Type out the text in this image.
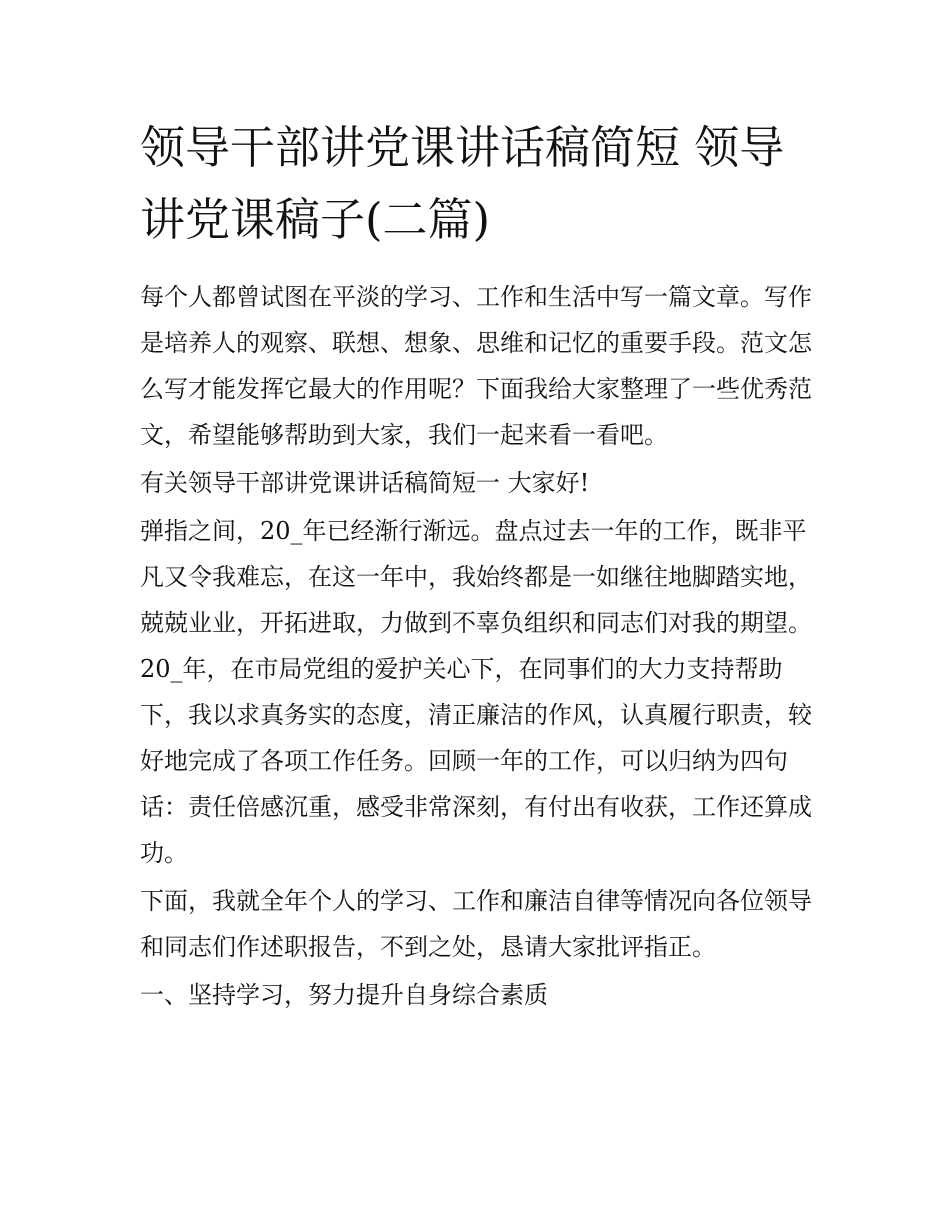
领导干部讲党课讲话稿简短 领导讲党课稿子(二篇)

每个人都曾试图在平淡的学习、工作和生活中写一篇文章。写作是培养人的观察、联想、想象、思维和记忆的重要手段。范文怎么写才能发挥它最大的作用呢？下面我给大家整理了一些优秀范文，希望能够帮助到大家，我们一起来看一看吧。

有关领导干部讲党课讲话稿简短一 大家好!

弹指之间，20_年已经渐行渐远。盘点过去一年的工作，既非平凡又令我难忘，在这一年中，我始终都是一如继往地脚踏实地，兢兢业业，开拓进取，力做到不辜负组织和同志们对我的期望。20_年，在市局党组的爱护关心下，在同事们的大力支持帮助下，我以求真务实的态度，清正廉洁的作风，认真履行职责，较好地完成了各项工作任务。回顾一年的工作，可以归纳为四句话：责任倍感沉重，感受非常深刻，有付出有收获，工作还算成功。

下面，我就全年个人的学习、工作和廉洁自律等情况向各位领导和同志们作述职报告，不到之处，恳请大家批评指正。

一、坚持学习，努力提升自身综合素质
